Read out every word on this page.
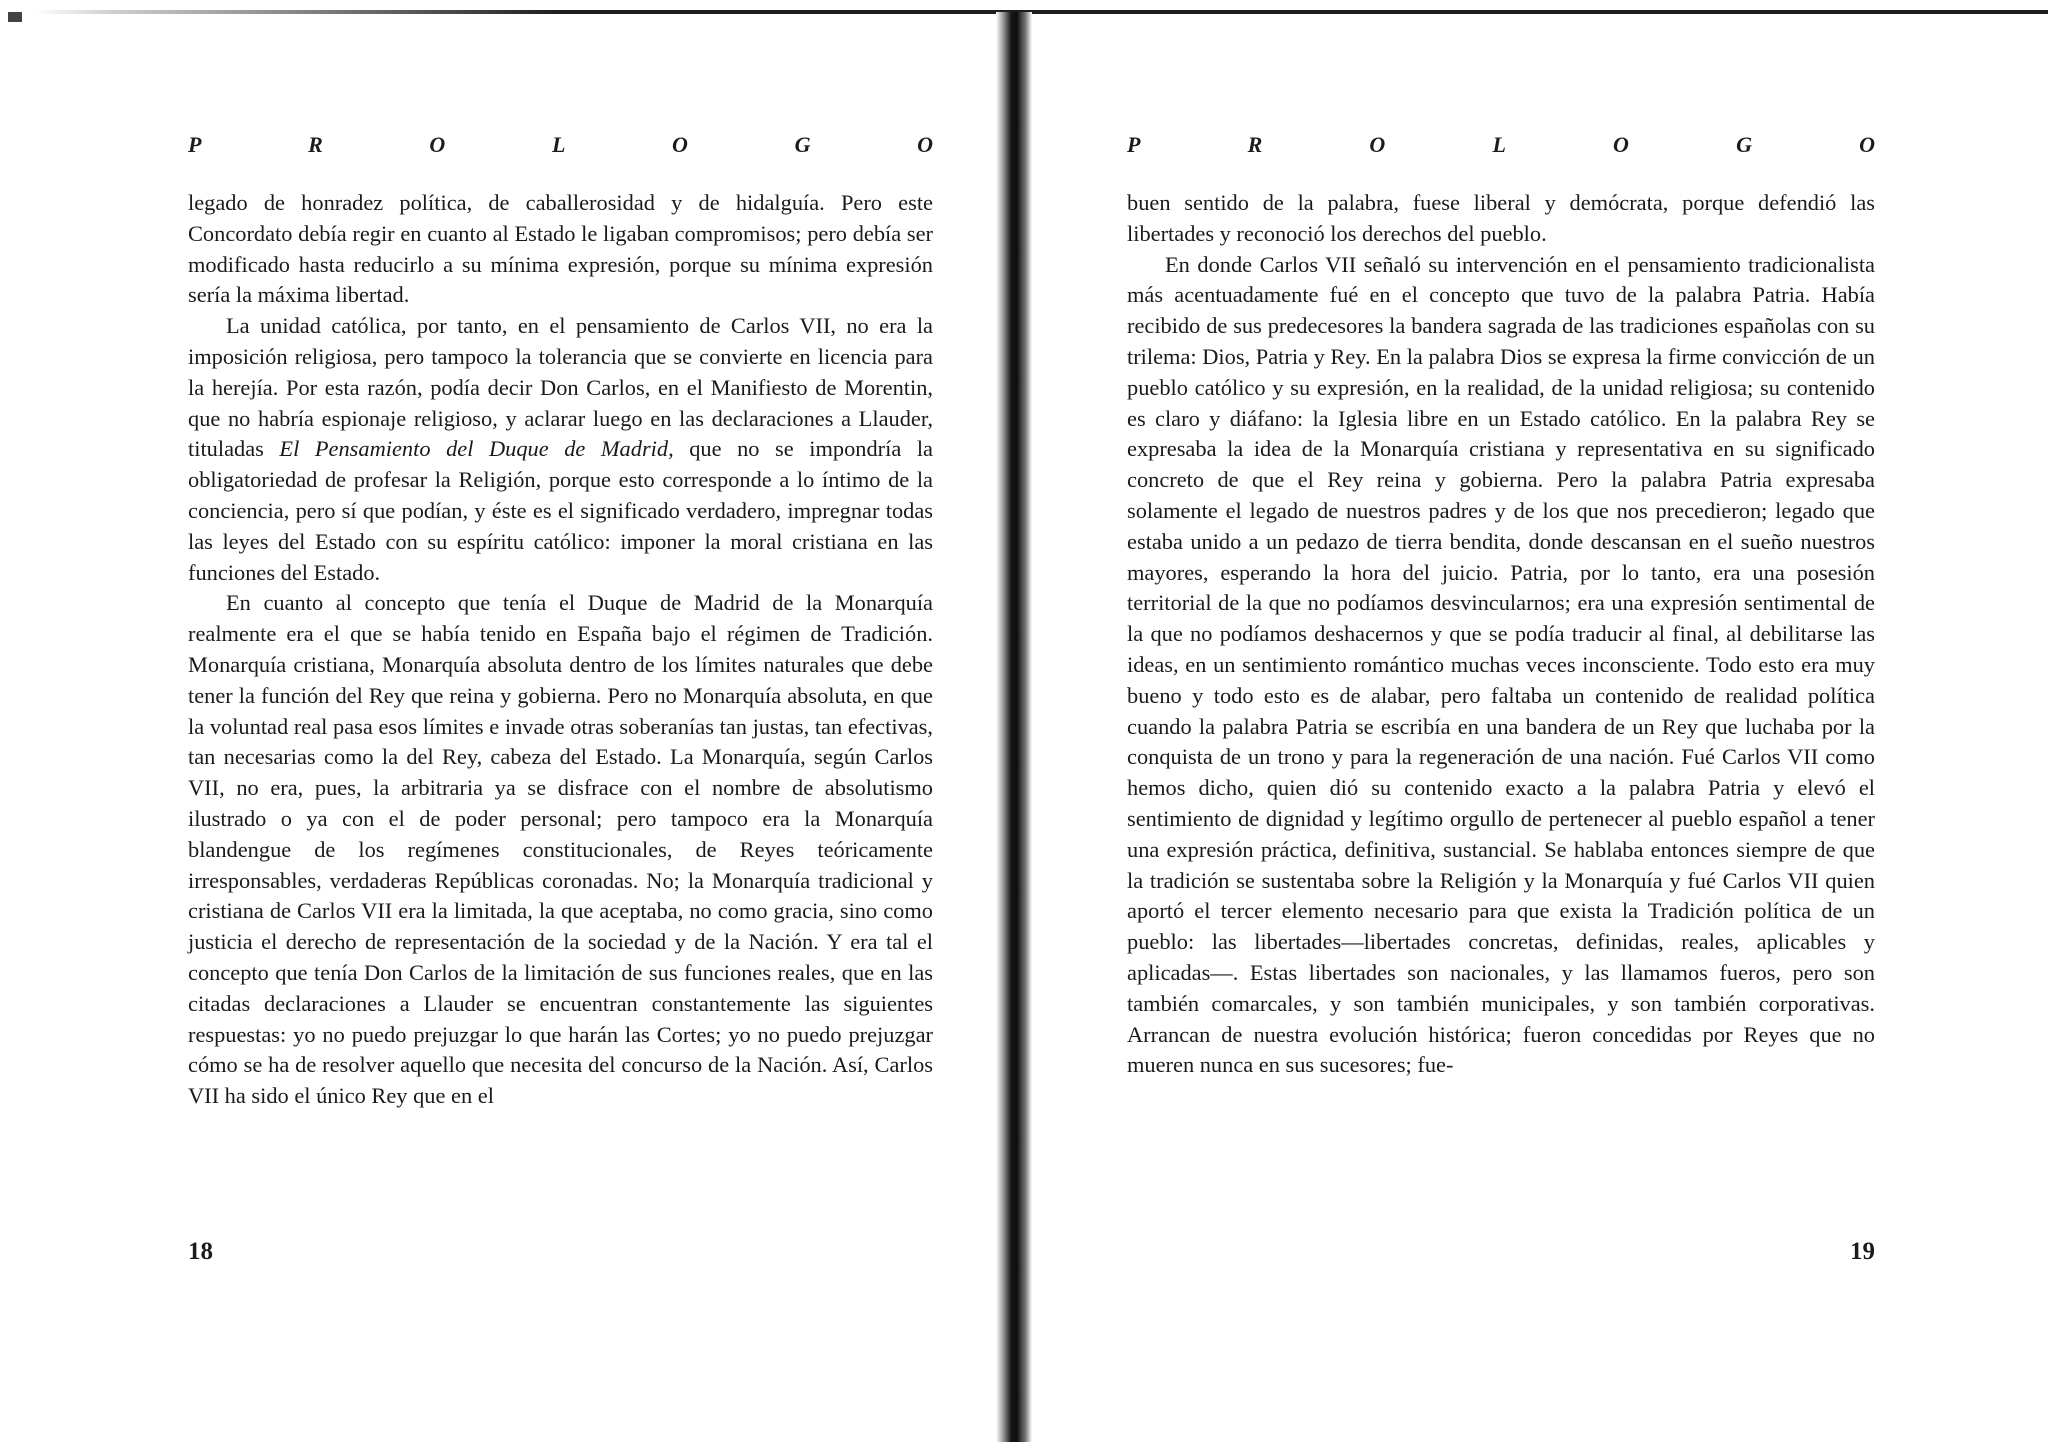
P	R	O	L	O	G	O

legado de honradez política, de caballerosidad y de hidalguía. Pero este Concordato debía regir en cuanto al Estado le ligaban compromisos; pero debía ser modificado hasta reducirlo a su mínima expresión, porque su mínima expresión sería la máxima libertad.

La unidad católica, por tanto, en el pensamiento de Carlos VII, no era la imposición religiosa, pero tampoco la tolerancia que se convierte en licencia para la herejía. Por esta razón, podía decir Don Carlos, en el Manifiesto de Morentin, que no habría espionaje religioso, y aclarar luego en las declaraciones a Llauder, tituladas El Pensamiento del Duque de Madrid, que no se impondría la obligatoriedad de profesar la Religión, porque esto corresponde a lo íntimo de la conciencia, pero sí que podían, y éste es el significado verdadero, impregnar todas las leyes del Estado con su espíritu católico: imponer la moral cristiana en las funciones del Estado.

En cuanto al concepto que tenía el Duque de Madrid de la Monarquía realmente era el que se había tenido en España bajo el régimen de Tradición. Monarquía cristiana, Monarquía absoluta dentro de los límites naturales que debe tener la función del Rey que reina y gobierna. Pero no Monarquía absoluta, en que la voluntad real pasa esos límites e invade otras soberanías tan justas, tan efectivas, tan necesarias como la del Rey, cabeza del Estado. La Monarquía, según Carlos VII, no era, pues, la arbitraria ya se disfrace con el nombre de absolutismo ilustrado o ya con el de poder personal; pero tampoco era la Monarquía blandengue de los regímenes constitucionales, de Reyes teóricamente irresponsables, verdaderas Repúblicas coronadas. No; la Monarquía tradicional y cristiana de Carlos VII era la limitada, la que aceptaba, no como gracia, sino como justicia el derecho de representación de la sociedad y de la Nación. Y era tal el concepto que tenía Don Carlos de la limitación de sus funciones reales, que en las citadas declaraciones a Llauder se encuentran constantemente las siguientes respuestas: yo no puedo prejuzgar lo que harán las Cortes; yo no puedo prejuzgar cómo se ha de resolver aquello que necesita del concurso de la Nación. Así, Carlos VII ha sido el único Rey que en el

18
P	R	O	L	O	G	O

buen sentido de la palabra, fuese liberal y demócrata, porque defendió las libertades y reconoció los derechos del pueblo.

En donde Carlos VII señaló su intervención en el pensamiento tradicionalista más acentuadamente fué en el concepto que tuvo de la palabra Patria. Había recibido de sus predecesores la bandera sagrada de las tradiciones españolas con su trilema: Dios, Patria y Rey. En la palabra Dios se expresa la firme convicción de un pueblo católico y su expresión, en la realidad, de la unidad religiosa; su contenido es claro y diáfano: la Iglesia libre en un Estado católico. En la palabra Rey se expresaba la idea de la Monarquía cristiana y representativa en su significado concreto de que el Rey reina y gobierna. Pero la palabra Patria expresaba solamente el legado de nuestros padres y de los que nos precedieron; legado que estaba unido a un pedazo de tierra bendita, donde descansan en el sueño nuestros mayores, esperando la hora del juicio. Patria, por lo tanto, era una posesión territorial de la que no podíamos desvincularnos; era una expresión sentimental de la que no podíamos deshacernos y que se podía traducir al final, al debilitarse las ideas, en un sentimiento romántico muchas veces inconsciente. Todo esto era muy bueno y todo esto es de alabar, pero faltaba un contenido de realidad política cuando la palabra Patria se escribía en una bandera de un Rey que luchaba por la conquista de un trono y para la regeneración de una nación. Fué Carlos VII como hemos dicho, quien dió su contenido exacto a la palabra Patria y elevó el sentimiento de dignidad y legítimo orgullo de pertenecer al pueblo español a tener una expresión práctica, definitiva, sustancial. Se hablaba entonces siempre de que la tradición se sustentaba sobre la Religión y la Monarquía y fué Carlos VII quien aportó el tercer elemento necesario para que exista la Tradición política de un pueblo: las libertades—libertades concretas, definidas, reales, aplicables y aplicadas—. Estas libertades son nacionales, y las llamamos fueros, pero son también comarcales, y son también municipales, y son también corporativas. Arrancan de nuestra evolución histórica; fueron concedidas por Reyes que no mueren nunca en sus sucesores; fue-

19
